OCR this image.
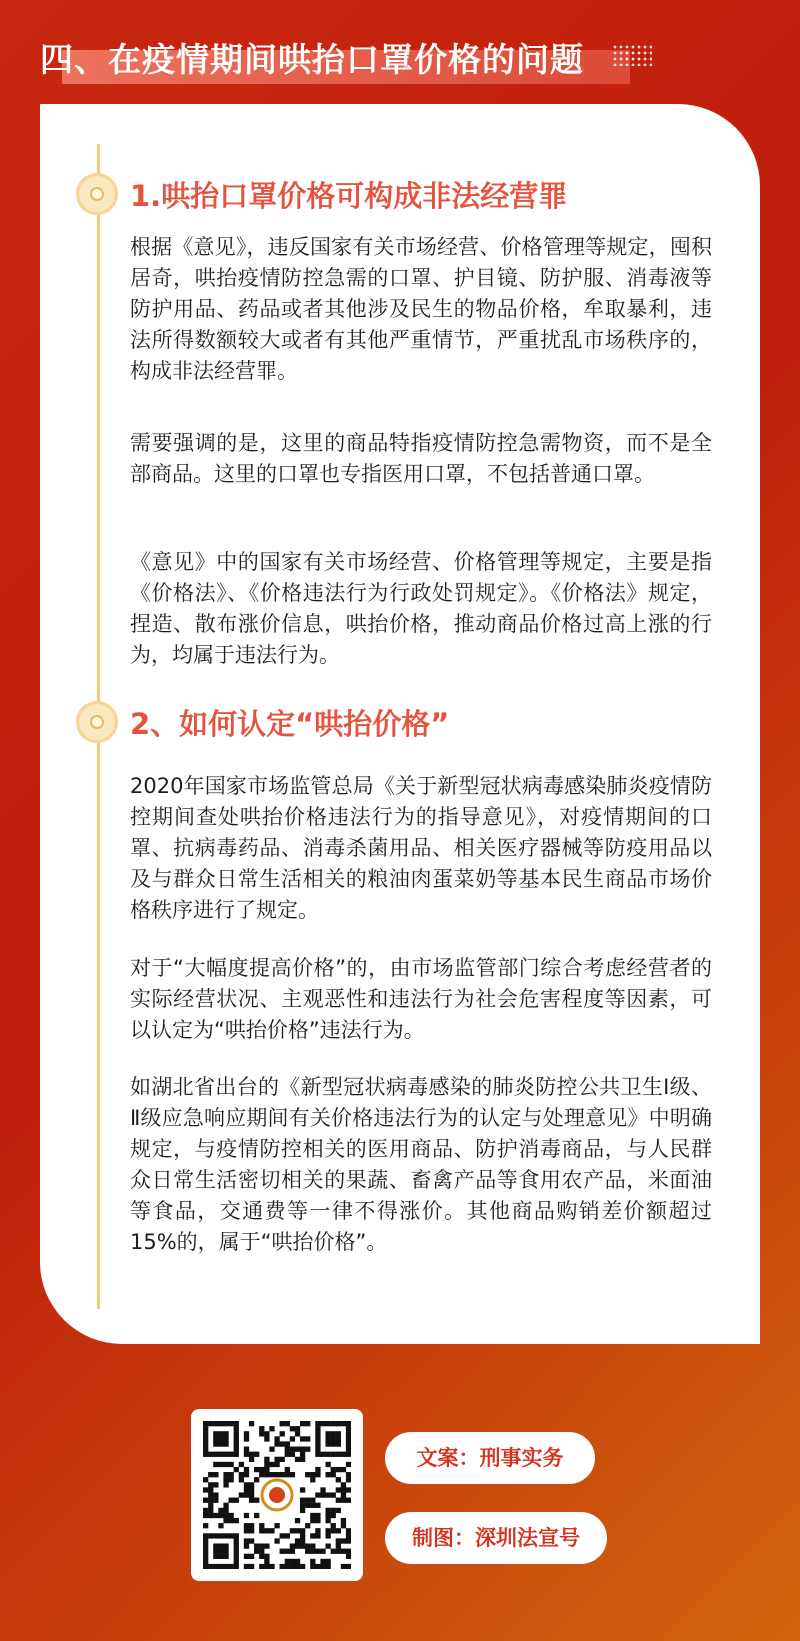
四、在疫情期间哄抬口罩价格的问题
1.哄抬口罩价格可构成非法经营罪

根据《意见》，违反国家有关市场经营、价格管理等规定，囤积居奇，哄抬疫情防控急需的口罩、护目镜、防护服、消毒液等防护用品、药品或者其他涉及民生的物品价格，牟取暴利，违法所得数额较大或者有其他严重情节，严重扰乱市场秩序的，构成非法经营罪。

需要强调的是，这里的商品特指疫情防控急需物资，而不是全部商品。这里的口罩也专指医用口罩，不包括普通口罩。

《意见》中的国家有关市场经营、价格管理等规定，主要是指《价格法》、《价格违法行为行政处罚规定》。《价格法》规定，捏造、散布涨价信息，哄抬价格，推动商品价格过高上涨的行为，均属于违法行为。

2、如何认定“哄抬价格”

2020年国家市场监管总局《关于新型冠状病毒感染肺炎疫情防控期间查处哄抬价格违法行为的指导意见》，对疫情期间的口罩、抗病毒药品、消毒杀菌用品、相关医疗器械等防疫用品以及与群众日常生活相关的粮油肉蛋菜奶等基本民生商品市场价格秩序进行了规定。

对于“大幅度提高价格”的，由市场监管部门综合考虑经营者的实际经营状况、主观恶性和违法行为社会危害程度等因素，可以认定为“哄抬价格”违法行为。

如湖北省出台的《新型冠状病毒感染的肺炎防控公共卫生Ⅰ级、Ⅱ级应急响应期间有关价格违法行为的认定与处理意见》中明确规定，与疫情防控相关的医用商品、防护消毒商品，与人民群众日常生活密切相关的果蔬、畜禽产品等食用农产品，米面油等食品，交通费等一律不得涨价。其他商品购销差价额超过 15%的，属于“哄抬价格”。

文案：刑事实务
制图：深圳法宣号
